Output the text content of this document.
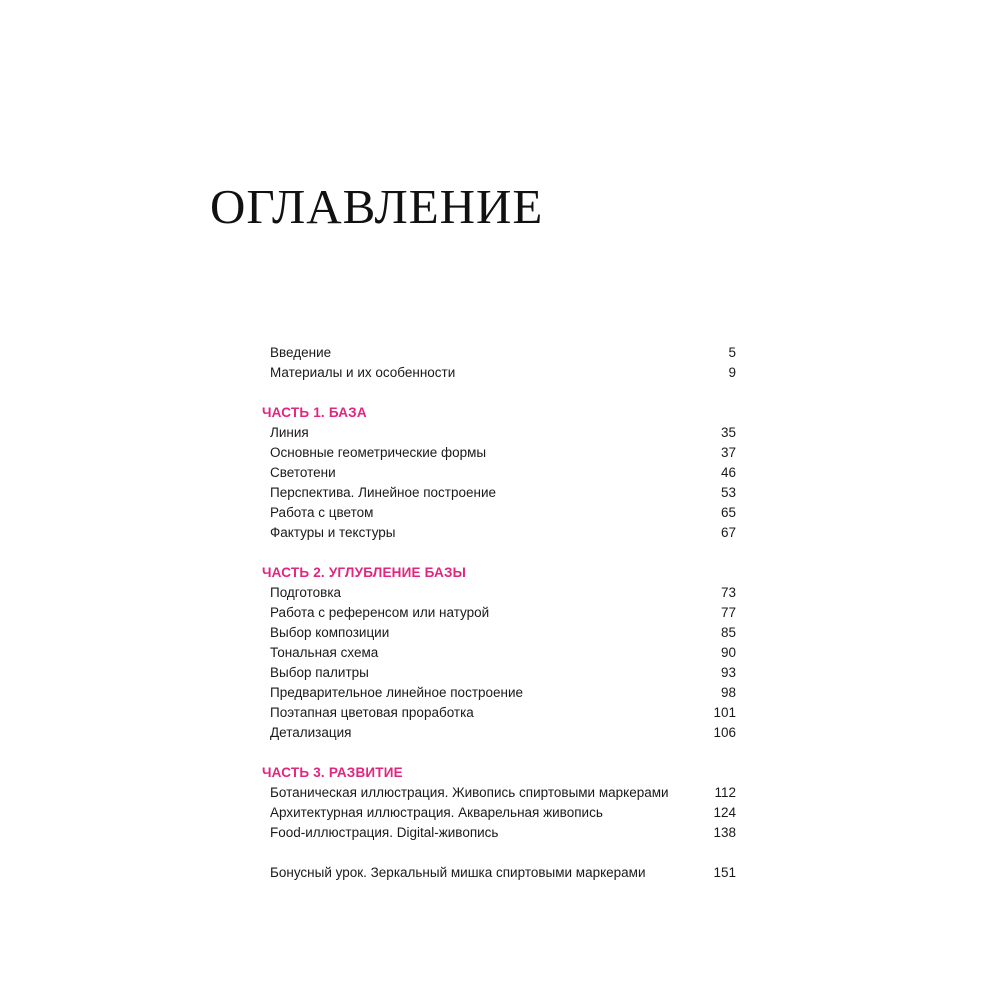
ОГЛАВЛЕНИЕ
Введение	5
Материалы и их особенности	9
ЧАСТЬ 1. БАЗА
Линия	35
Основные геометрические формы	37
Светотени	46
Перспектива. Линейное построение	53
Работа с цветом	65
Фактуры и текстуры	67
ЧАСТЬ 2. УГЛУБЛЕНИЕ БАЗЫ
Подготовка	73
Работа с референсом или натурой	77
Выбор композиции	85
Тональная схема	90
Выбор палитры	93
Предварительное линейное построение	98
Поэтапная цветовая проработка	101
Детализация	106
ЧАСТЬ 3. РАЗВИТИЕ
Ботаническая иллюстрация. Живопись спиртовыми маркерами	112
Архитектурная иллюстрация. Акварельная живопись	124
Food-иллюстрация. Digital-живопись	138
Бонусный урок. Зеркальный мишка спиртовыми маркерами	151
